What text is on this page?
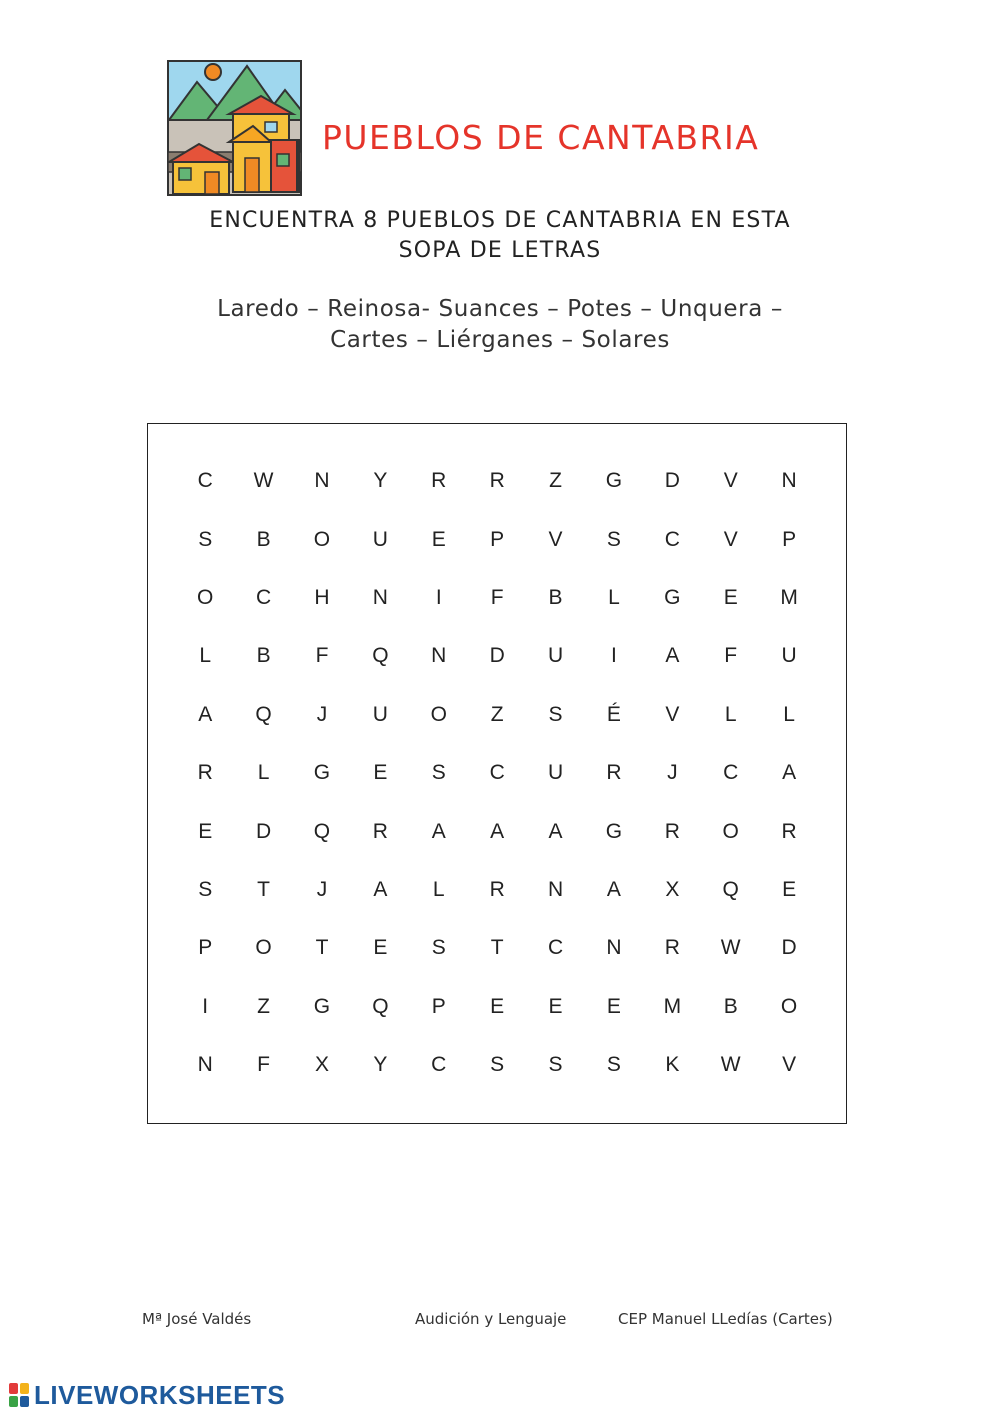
PUEBLOS DE CANTABRIA
ENCUENTRA 8 PUEBLOS DE CANTABRIA EN ESTA
SOPA DE LETRAS
Laredo – Reinosa- Suances – Potes – Unquera –
Cartes – Liérganes – Solares
C	W	N	Y	R	R	Z	G	D	V	N
S	B	O	U	E	P	V	S	C	V	P
O	C	H	N	I	F	B	L	G	E	M
L	B	F	Q	N	D	U	I	A	F	U
A	Q	J	U	O	Z	S	É	V	L	L
R	L	G	E	S	C	U	R	J	C	A
E	D	Q	R	A	A	A	G	R	O	R
S	T	J	A	L	R	N	A	X	Q	E
P	O	T	E	S	T	C	N	R	W	D
I	Z	G	Q	P	E	E	E	M	B	O
N	F	X	Y	C	S	S	S	K	W	V
Mª José Valdés	Audición y Lenguaje	CEP Manuel LLedías (Cartes)
LIVEWORKSHEETS
